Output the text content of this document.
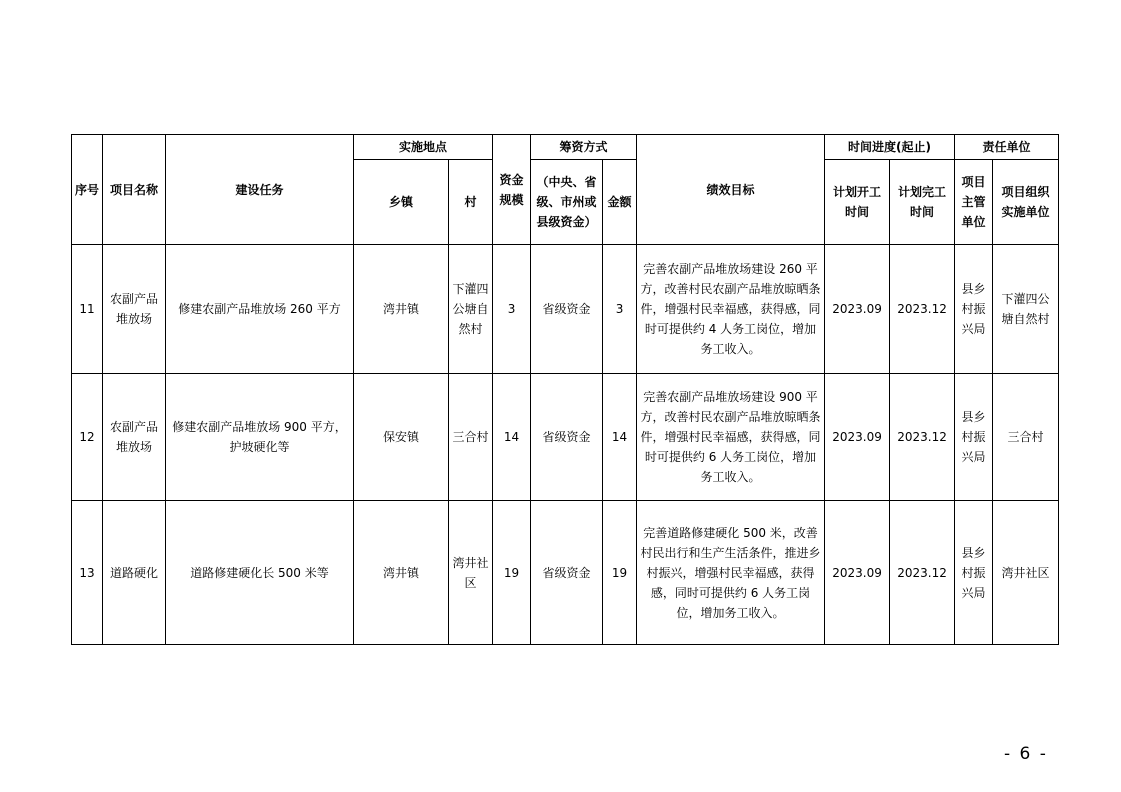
序号	项目名称	建设任务	实施地点		资金规模	筹资方式		绩效目标	时间进度(起止)		责任单位	
			乡镇	村		（中央、省级、市州或县级资金）	金额		计划开工时间	计划完工时间	项目主管单位	项目组织实施单位
11	农副产品堆放场	修建农副产品堆放场 260 平方	湾井镇	下灌四公塘自然村	3	省级资金	3	完善农副产品堆放场建设 260 平方，改善村民农副产品堆放晾晒条件，增强村民幸福感，获得感，同时可提供约 4 人务工岗位，增加务工收入。	2023.09	2023.12	县乡村振兴局	下灌四公塘自然村
12	农副产品堆放场	修建农副产品堆放场 900 平方，护坡硬化等	保安镇	三合村	14	省级资金	14	完善农副产品堆放场建设 900 平方，改善村民农副产品堆放晾晒条件，增强村民幸福感，获得感，同时可提供约 6 人务工岗位，增加务工收入。	2023.09	2023.12	县乡村振兴局	三合村
13	道路硬化	道路修建硬化长 500 米等	湾井镇	湾井社区	19	省级资金	19	完善道路修建硬化 500 米，改善村民出行和生产生活条件，推进乡村振兴，增强村民幸福感，获得感，同时可提供约 6 人务工岗位，增加务工收入。	2023.09	2023.12	县乡村振兴局	湾井社区
- 6 -
